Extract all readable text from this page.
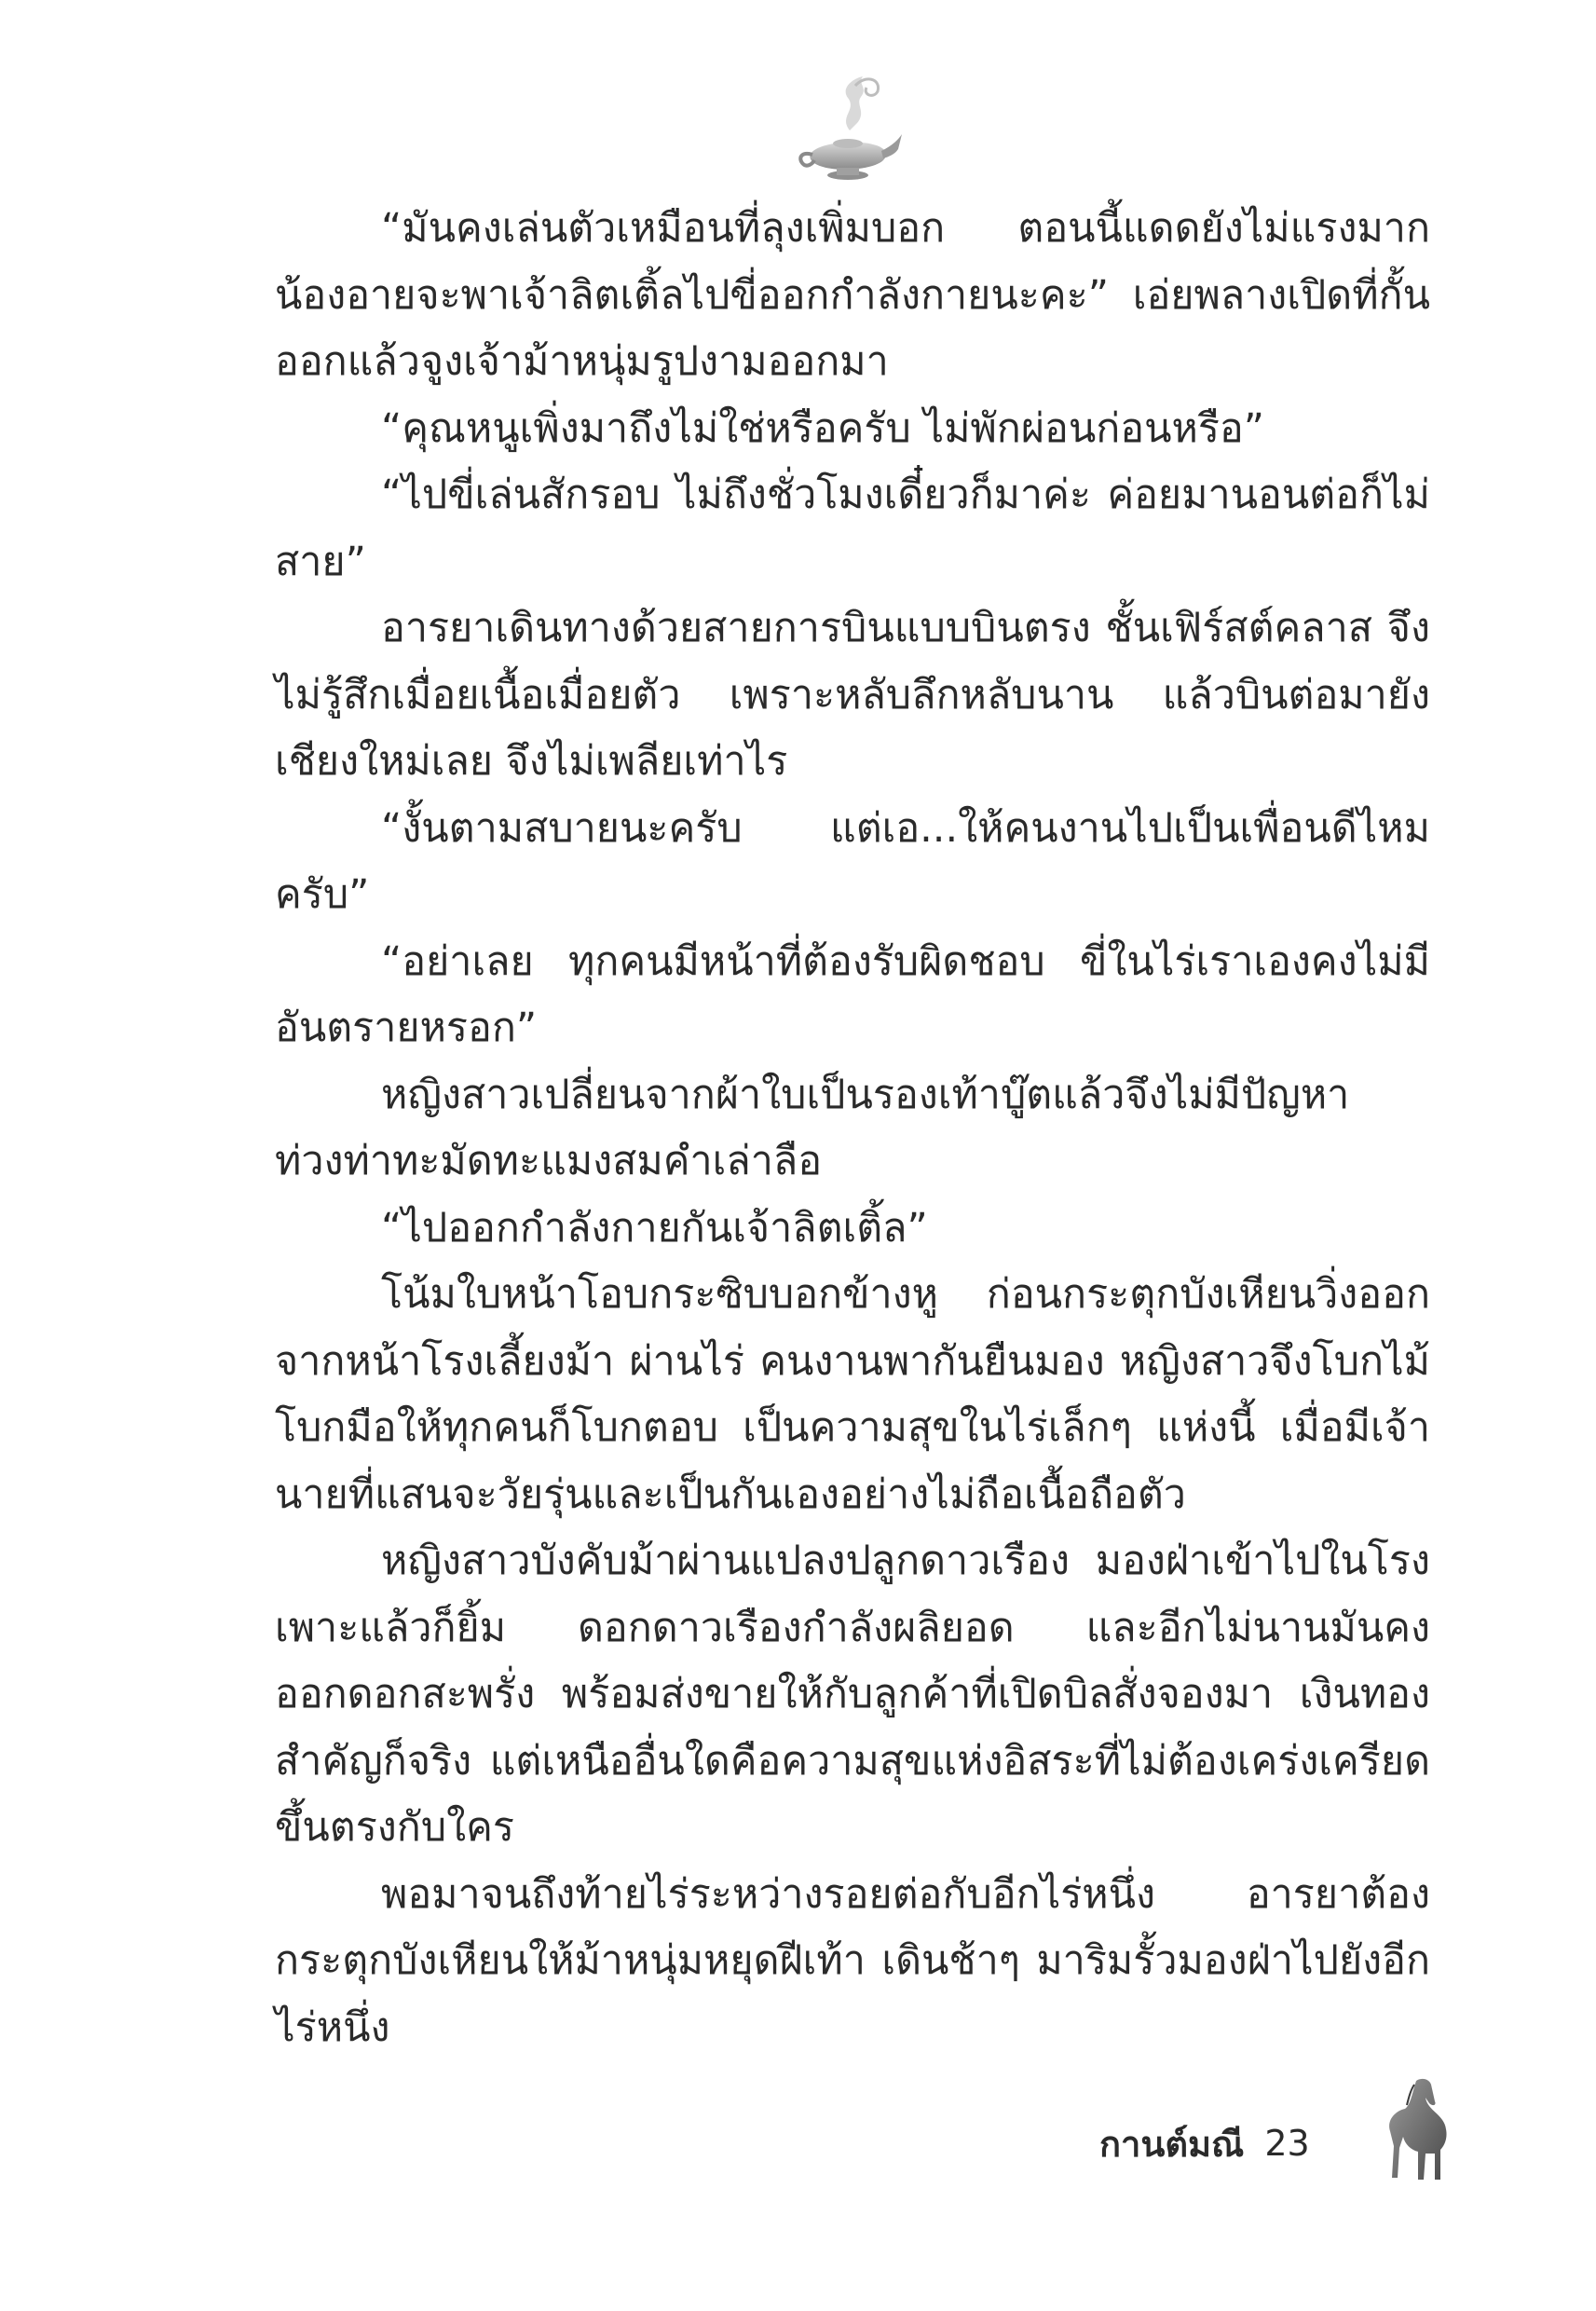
“มันคงเล่นตัวเหมือนที่ลุงเพิ่มบอก ตอนนี้แดดยังไม่แรงมาก น้องอายจะพาเจ้าลิตเติ้ลไปขี่ออกกำลังกายนะคะ” เอ่ยพลางเปิดที่กั้นออกแล้วจูงเจ้าม้าหนุ่มรูปงามออกมา

“คุณหนูเพิ่งมาถึงไม่ใช่หรือครับ ไม่พักผ่อนก่อนหรือ”

“ไปขี่เล่นสักรอบ ไม่ถึงชั่วโมงเดี๋ยวก็มาค่ะ ค่อยมานอนต่อก็ไม่สาย”

อารยาเดินทางด้วยสายการบินแบบบินตรง ชั้นเฟิร์สต์คลาส จึงไม่รู้สึกเมื่อยเนื้อเมื่อยตัว เพราะหลับลึกหลับนาน แล้วบินต่อมายังเชียงใหม่เลย จึงไม่เพลียเท่าไร

“งั้นตามสบายนะครับ แต่เอ...ให้คนงานไปเป็นเพื่อนดีไหมครับ”

“อย่าเลย ทุกคนมีหน้าที่ต้องรับผิดชอบ ขี่ในไร่เราเองคงไม่มีอันตรายหรอก”

หญิงสาวเปลี่ยนจากผ้าใบเป็นรองเท้าบู๊ตแล้วจึงไม่มีปัญหาท่วงท่าทะมัดทะแมงสมคำเล่าลือ

“ไปออกกำลังกายกันเจ้าลิตเติ้ล”

โน้มใบหน้าโอบกระซิบบอกข้างหู ก่อนกระตุกบังเหียนวิ่งออกจากหน้าโรงเลี้ยงม้า ผ่านไร่ คนงานพากันยืนมอง หญิงสาวจึงโบกไม้โบกมือให้ทุกคนก็โบกตอบ เป็นความสุขในไร่เล็กๆ แห่งนี้ เมื่อมีเจ้านายที่แสนจะวัยรุ่นและเป็นกันเองอย่างไม่ถือเนื้อถือตัว

หญิงสาวบังคับม้าผ่านแปลงปลูกดาวเรือง มองฝ่าเข้าไปในโรงเพาะแล้วก็ยิ้ม ดอกดาวเรืองกำลังผลิยอด และอีกไม่นานมันคงออกดอกสะพรั่ง พร้อมส่งขายให้กับลูกค้าที่เปิดบิลสั่งจองมา เงินทองสำคัญก็จริง แต่เหนืออื่นใดคือความสุขแห่งอิสระที่ไม่ต้องเคร่งเครียดขึ้นตรงกับใคร

พอมาจนถึงท้ายไร่ระหว่างรอยต่อกับอีกไร่หนึ่ง อารยาต้องกระตุกบังเหียนให้ม้าหนุ่มหยุดฝีเท้า เดินช้าๆ มาริมรั้วมองฝ่าไปยังอีกไร่หนึ่ง

กานต์มณี 23
